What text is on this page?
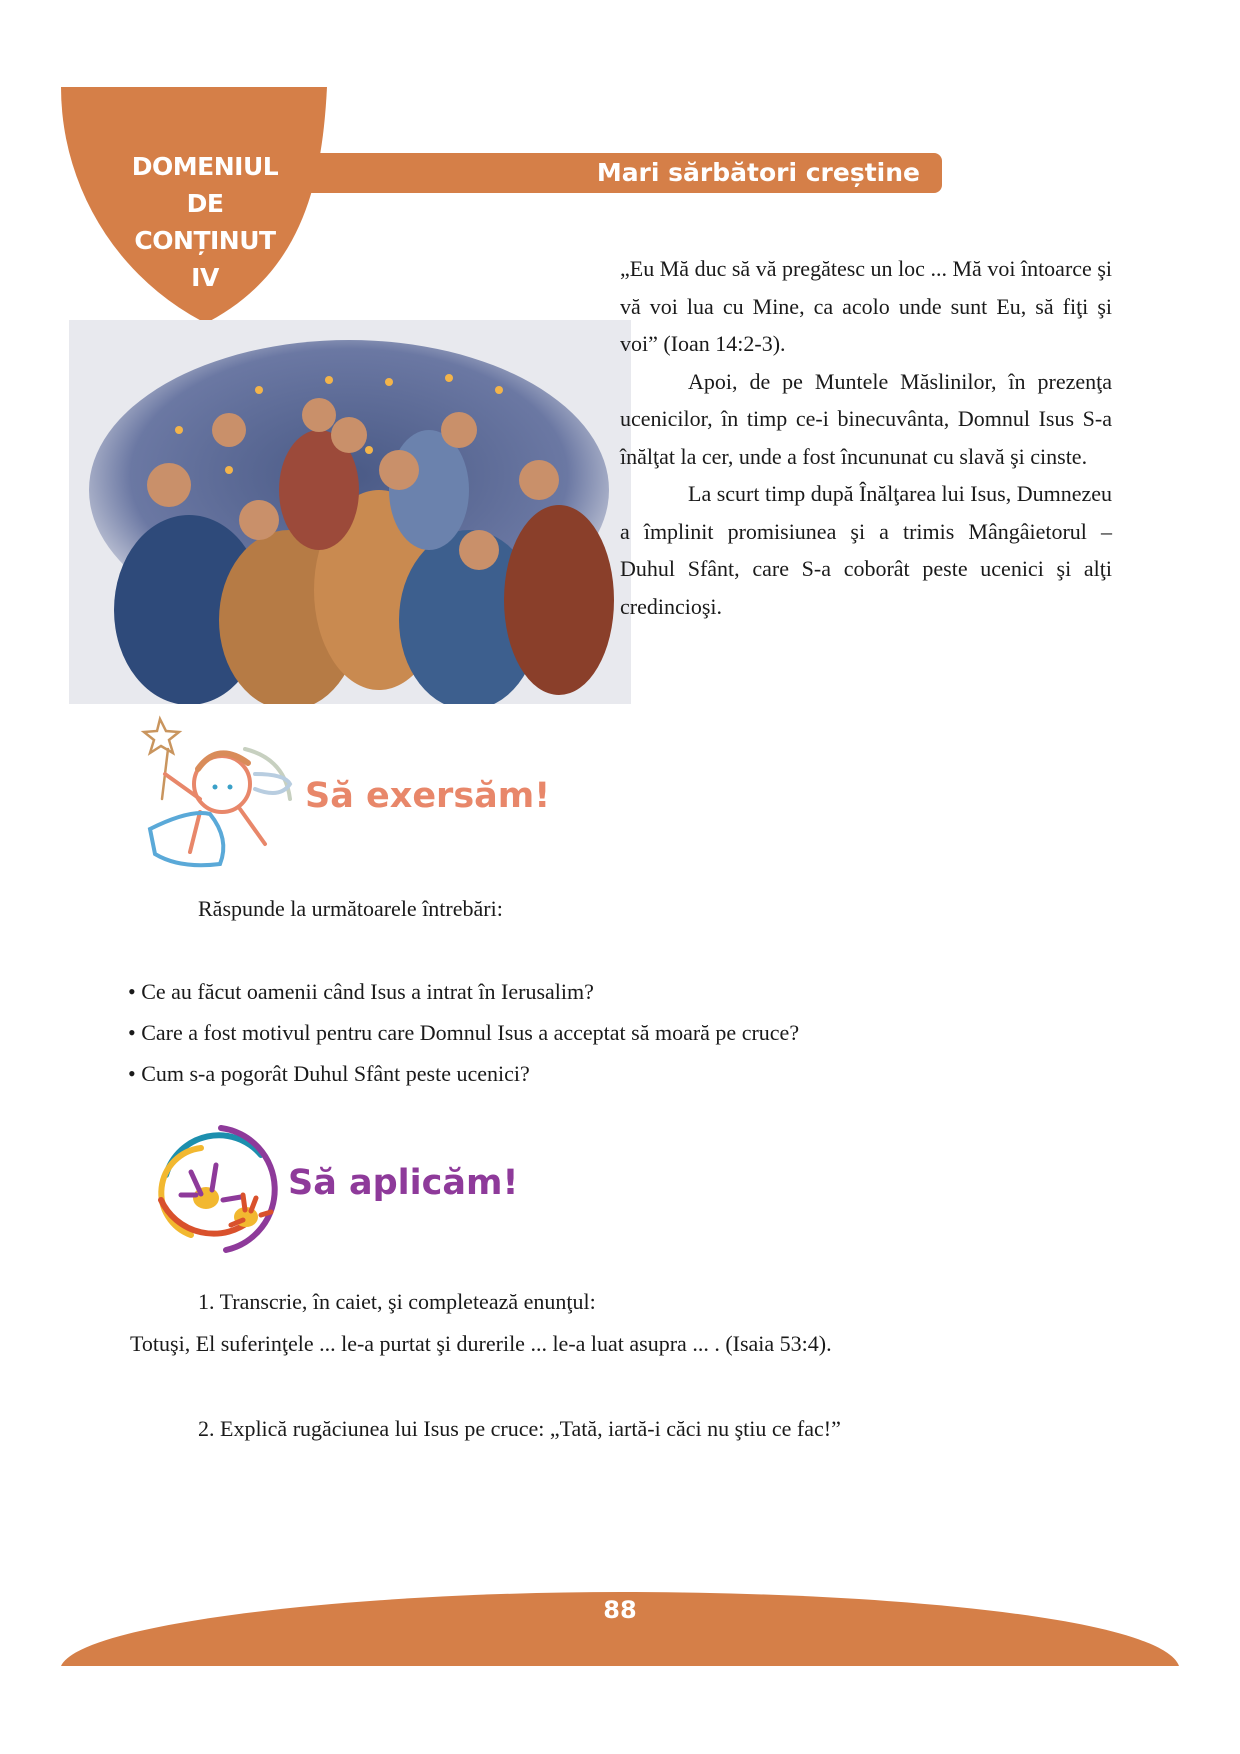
DOMENIUL
DE
CONȚINUT
IV
Mari sărbători creștine

„Eu Mă duc să vă pregătesc un loc ... Mă voi întoarce şi vă voi lua cu Mine, ca acolo unde sunt Eu, să fiţi şi voi” (Ioan 14:2-3).

Apoi, de pe Muntele Măslinilor, în prezenţa ucenicilor, în timp ce-i binecuvânta, Domnul Isus S-a înălţat la cer, unde a fost încununat cu slavă şi cinste.

La scurt timp după Înălţarea lui Isus, Dumnezeu a împlinit promisiunea şi a trimis Mângâietorul – Duhul Sfânt, care S-a coborât peste ucenici şi alţi credincioşi.

Să exersăm!
Răspunde la următoarele întrebări:
• Ce au făcut oamenii când Isus a intrat în Ierusalim?
• Care a fost motivul pentru care Domnul Isus a acceptat să moară pe cruce?
• Cum s-a pogorât Duhul Sfânt peste ucenici?
Să aplicăm!
1. Transcrie, în caiet, şi completează enunţul:
Totuşi, El suferinţele ... le-a purtat şi durerile ... le-a luat asupra ... . (Isaia 53:4).
2. Explică rugăciunea lui Isus pe cruce: „Tată, iartă-i căci nu ştiu ce fac!”
88
